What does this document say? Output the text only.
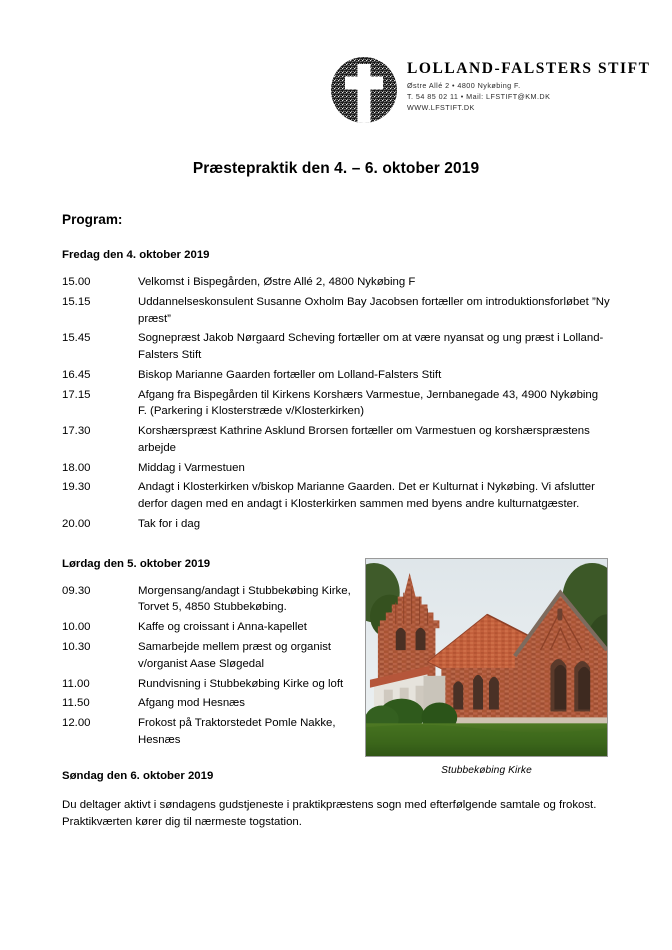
LOLLAND-FALSTERS STIFT
Østre Allé 2 • 4800 Nykøbing F.
T. 54 85 02 11 • Mail: LFSTIFT@KM.DK
WWW.LFSTIFT.DK
Præstepraktik den 4. – 6. oktober 2019
Program:
Fredag den 4. oktober 2019
15.00	Velkomst i Bispegården, Østre Allé 2, 4800 Nykøbing F
15.15	Uddannelseskonsulent Susanne Oxholm Bay Jacobsen fortæller om introduktionsforløbet ”Ny præst”
15.45	Sognepræst Jakob Nørgaard Scheving fortæller om at være nyansat og ung præst i Lolland-Falsters Stift
16.45	Biskop Marianne Gaarden fortæller om Lolland-Falsters Stift
17.15	Afgang fra Bispegården til Kirkens Korshærs Varmestue, Jernbanegade 43, 4900 Nykøbing F. (Parkering i Klosterstræde v/Klosterkirken)
17.30	Korshærspræst Kathrine Asklund Brorsen fortæller om Varmestuen og korshærspræstens arbejde
18.00	Middag i Varmestuen
19.30	Andagt i Klosterkirken v/biskop Marianne Gaarden. Det er Kulturnat i Nykøbing. Vi afslutter derfor dagen med en andagt i Klosterkirken sammen med byens andre kulturnatgæster.
20.00	Tak for i dag
Lørdag den 5. oktober 2019
09.30	Morgensang/andagt i Stubbekøbing Kirke, Torvet 5, 4850 Stubbekøbing.
10.00	Kaffe og croissant i Anna-kapellet
10.30	Samarbejde mellem præst og organist v/organist Aase Sløgedal
11.00	Rundvisning i Stubbekøbing Kirke og loft
11.50	Afgang mod Hesnæs
12.00	Frokost på Traktorstedet Pomle Nakke, Hesnæs
Stubbekøbing Kirke
Søndag den 6. oktober 2019
Du deltager aktivt i søndagens gudstjeneste i praktikpræstens sogn med efterfølgende samtale og frokost. Praktikværten kører dig til nærmeste togstation.
